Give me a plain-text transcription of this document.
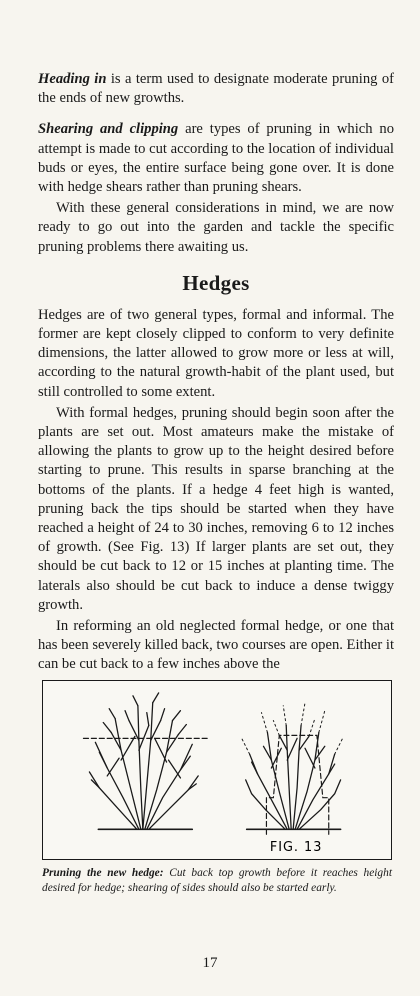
Heading in is a term used to designate moderate pruning of the ends of new growths.

Shearing and clipping are types of pruning in which no attempt is made to cut according to the location of individual buds or eyes, the entire surface being gone over. It is done with hedge shears rather than pruning shears.

With these general considerations in mind, we are now ready to go out into the garden and tackle the specific pruning problems there awaiting us.

Hedges

Hedges are of two general types, formal and informal. The former are kept closely clipped to conform to very definite dimensions, the latter allowed to grow more or less at will, according to the natural growth-habit of the plant used, but still controlled to some extent.

With formal hedges, pruning should begin soon after the plants are set out. Most amateurs make the mistake of allowing the plants to grow up to the height desired before starting to prune. This results in sparse branching at the bottoms of the plants. If a hedge 4 feet high is wanted, pruning back the tips should be started when they have reached a height of 24 to 30 inches, removing 6 to 12 inches of growth. (See Fig. 13) If larger plants are set out, they should be cut back to 12 or 15 inches at planting time. The laterals also should be cut back to induce a dense twiggy growth.

In reforming an old neglected formal hedge, or one that has been severely killed back, two courses are open. Either it can be cut back to a few inches above the

FIG. 13
Pruning the new hedge: Cut back top growth before it reaches height desired for hedge; shearing of sides should also be started early.
17
